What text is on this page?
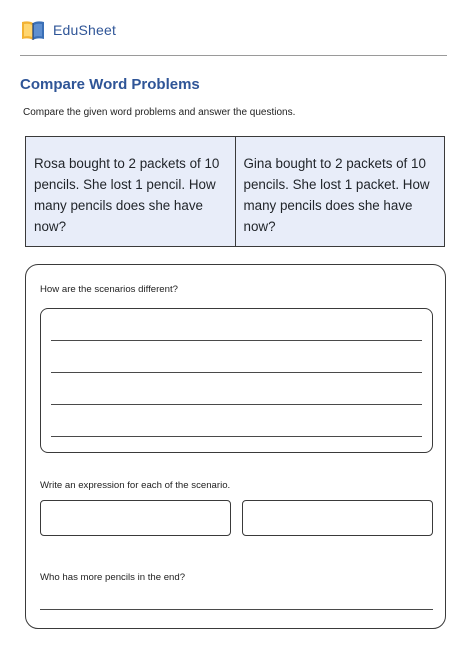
EduSheet
Compare Word Problems
Compare the given word problems and answer the questions.
Rosa bought to 2 packets of 10 pencils. She lost 1 pencil. How many pencils does she have now?
Gina bought to 2 packets of 10 pencils. She lost 1 packet. How many pencils does she have now?
How are the scenarios different?
Write an expression for each of the scenario.
Who has more pencils in the end?
